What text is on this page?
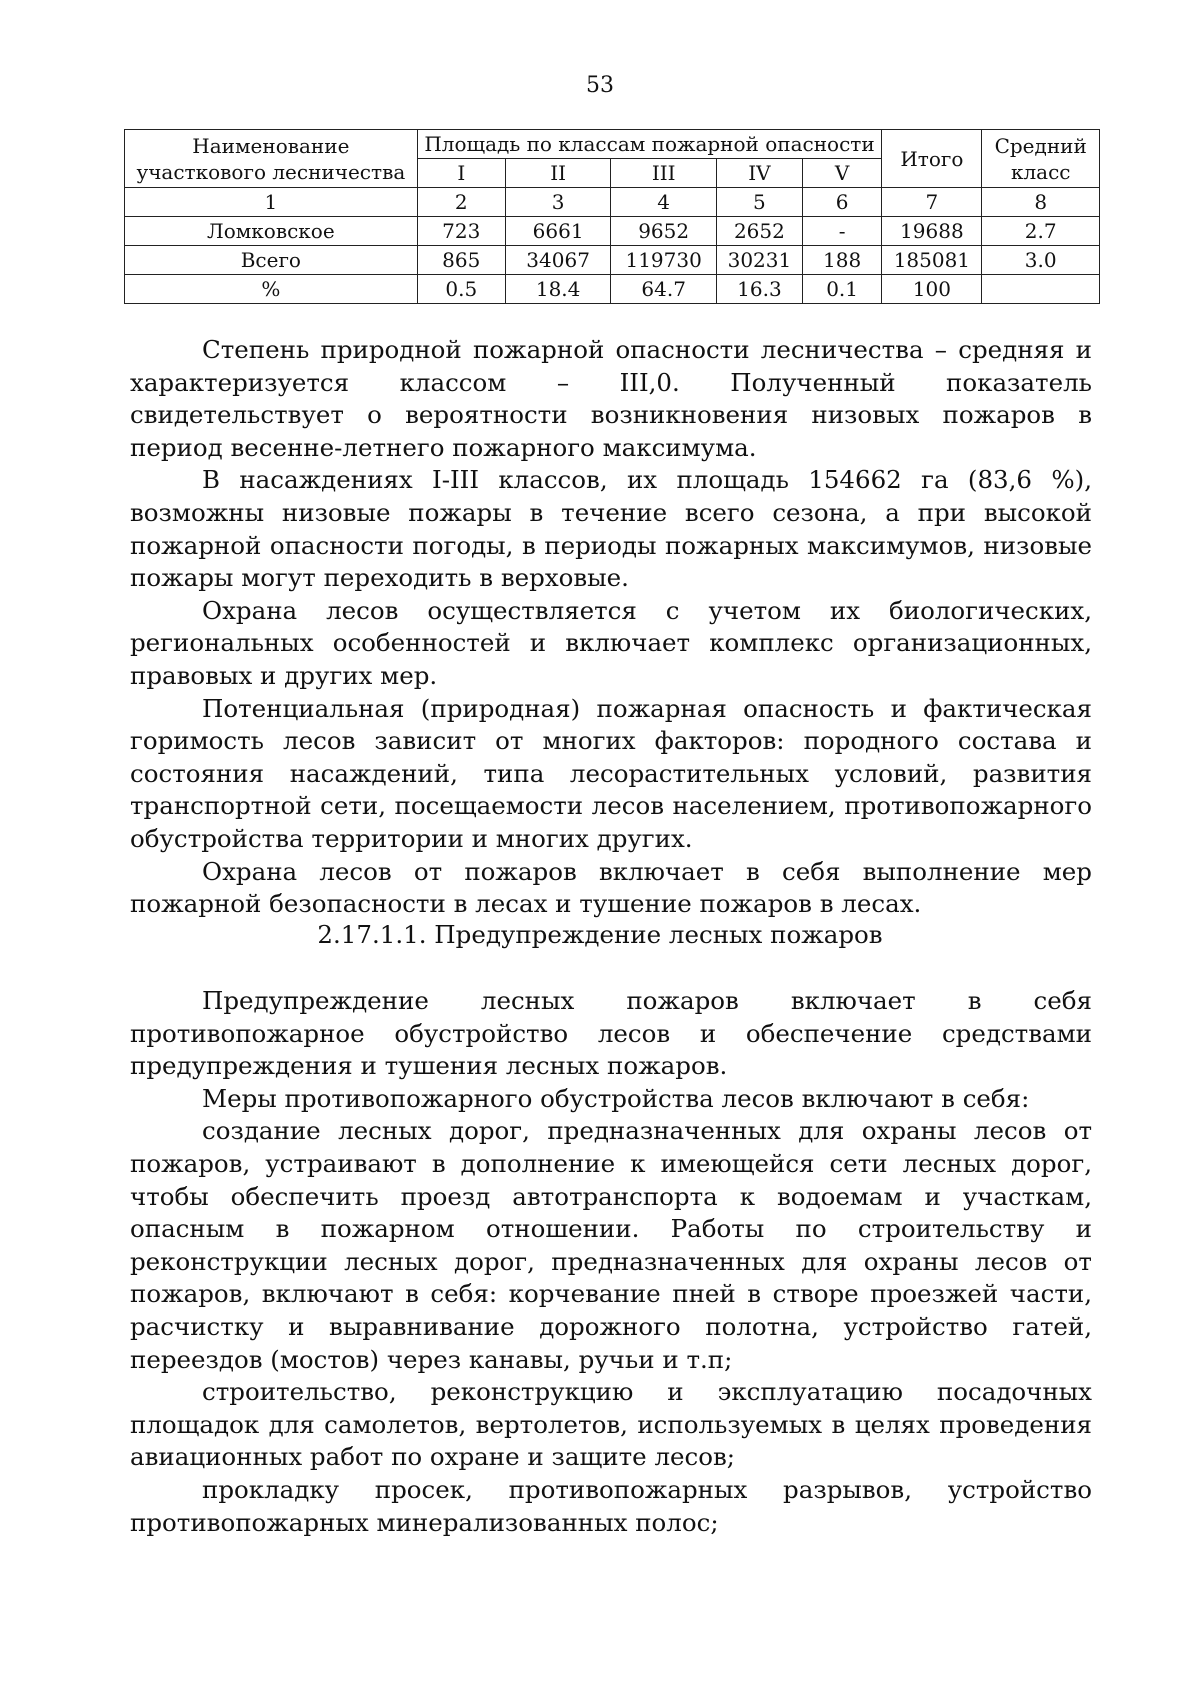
53
Наименование
участкового лесничества	Площадь по классам пожарной опасности					Итого	Средний
класс
	I	II	III	IV	V		
1	2	3	4	5	6	7	8
Ломковское	723	6661	9652	2652	-	19688	2.7
Всего	865	34067	119730	30231	188	185081	3.0
%	0.5	18.4	64.7	16.3	0.1	100	

Степень природной пожарной опасности лесничества – средняя и характеризуется классом – III,0. Полученный показатель свидетельствует о вероятности возникновения низовых пожаров в период весенне-летнего пожарного максимума.

В насаждениях I-III классов, их площадь 154662 га (83,6 %), возможны низовые пожары в течение всего сезона, а при высокой пожарной опасности погоды, в периоды пожарных максимумов, низовые пожары могут переходить в верховые.

Охрана лесов осуществляется с учетом их биологических, региональных особенностей и включает комплекс организационных, правовых и других мер.

Потенциальная (природная) пожарная опасность и фактическая горимость лесов зависит от многих факторов: породного состава и состояния насаждений, типа лесорастительных условий, развития транспортной сети, посещаемости лесов населением, противопожарного обустройства территории и многих других.

Охрана лесов от пожаров включает в себя выполнение мер пожарной безопасности в лесах и тушение пожаров в лесах.

2.17.1.1. Предупреждение лесных пожаров

Предупреждение лесных пожаров включает в себя противопожарное обустройство лесов и обеспечение средствами предупреждения и тушения лесных пожаров.

Меры противопожарного обустройства лесов включают в себя:

создание лесных дорог, предназначенных для охраны лесов от пожаров, устраивают в дополнение к имеющейся сети лесных дорог, чтобы обеспечить проезд автотранспорта к водоемам и участкам, опасным в пожарном отношении. Работы по строительству и реконструкции лесных дорог, предназначенных для охраны лесов от пожаров, включают в себя: корчевание пней в створе проезжей части, расчистку и выравнивание дорожного полотна, устройство гатей, переездов (мостов) через канавы, ручьи и т.п;

строительство, реконструкцию и эксплуатацию посадочных площадок для самолетов, вертолетов, используемых в целях проведения авиационных работ по охране и защите лесов;

прокладку просек, противопожарных разрывов, устройство противопожарных минерализованных полос;
